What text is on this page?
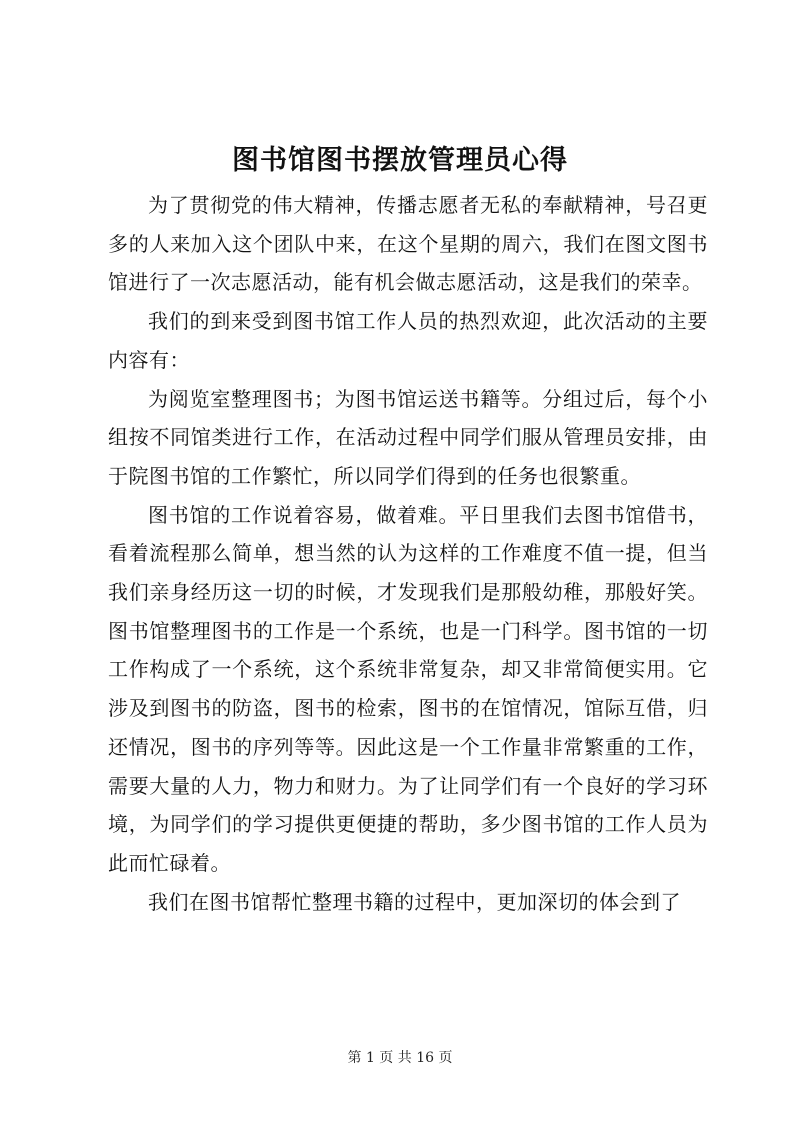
图书馆图书摆放管理员心得

为了贯彻党的伟大精神，传播志愿者无私的奉献精神，号召更多的人来加入这个团队中来，在这个星期的周六，我们在图文图书馆进行了一次志愿活动，能有机会做志愿活动，这是我们的荣幸。

我们的到来受到图书馆工作人员的热烈欢迎，此次活动的主要内容有：

为阅览室整理图书；为图书馆运送书籍等。分组过后，每个小组按不同馆类进行工作，在活动过程中同学们服从管理员安排，由于院图书馆的工作繁忙，所以同学们得到的任务也很繁重。

图书馆的工作说着容易，做着难。平日里我们去图书馆借书，看着流程那么简单，想当然的认为这样的工作难度不值一提，但当我们亲身经历这一切的时候，才发现我们是那般幼稚，那般好笑。图书馆整理图书的工作是一个系统，也是一门科学。图书馆的一切工作构成了一个系统，这个系统非常复杂，却又非常简便实用。它涉及到图书的防盗，图书的检索，图书的在馆情况，馆际互借，归还情况，图书的序列等等。因此这是一个工作量非常繁重的工作，需要大量的人力，物力和财力。为了让同学们有一个良好的学习环境，为同学们的学习提供更便捷的帮助，多少图书馆的工作人员为此而忙碌着。

我们在图书馆帮忙整理书籍的过程中，更加深切的体会到了

第 1 页 共 16 页
